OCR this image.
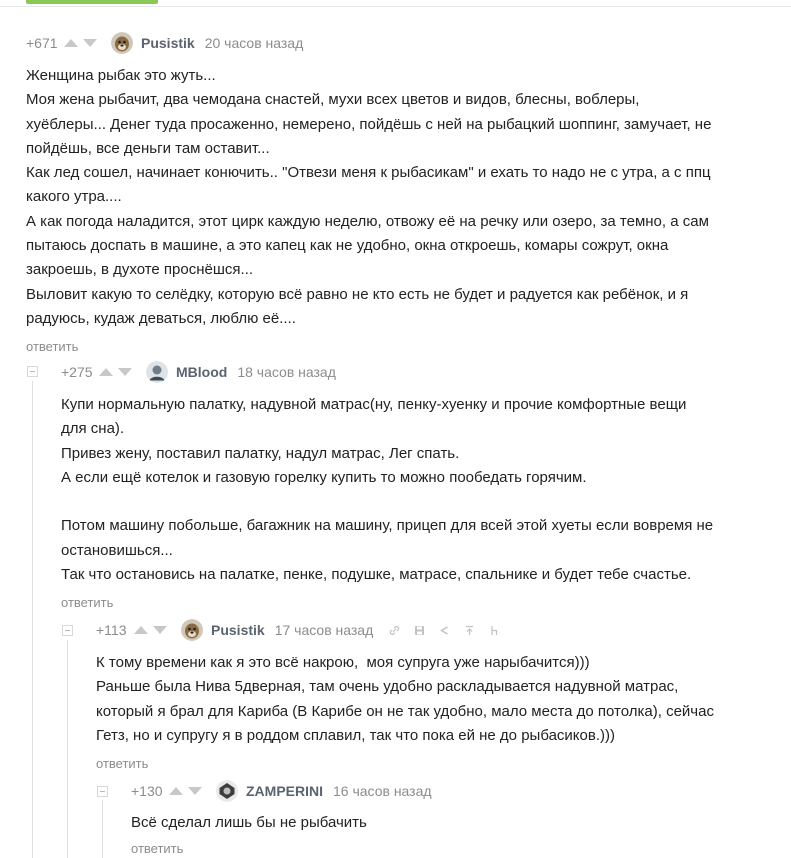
+671	Pusistik 20 часов назад

Женщина рыбак это жуть...

Моя жена рыбачит, два чемодана снастей, мухи всех цветов и видов, блесны, воблеры,

хуёблеры... Денег туда просаженно, немерено, пойдёшь с ней на рыбацкий шоппинг, замучает, не

пойдёшь, все деньги там оставит...

Как лед сошел, начинает конючить.. "Отвези меня к рыбасикам" и ехать то надо не с утра, а с ппц

какого утра....

А как погода наладится, этот цирк каждую неделю, отвожу её на речку или озеро, за темно, а сам

пытаюсь доспать в машине, а это капец как не удобно, окна откроешь, комары сожрут, окна

закроешь, в духоте проснёшся...

Выловит какую то селёдку, которую всё равно не кто есть не будет и радуется как ребёнок, и я

радуюсь, кудаж деваться, люблю её....

ответить
+275	MBlood 18 часов назад

Купи нормальную палатку, надувной матрас(ну, пенку-хуенку и прочие комфортные вещи

для сна).

Привез жену, поставил палатку, надул матрас, Лег спать.

А если ещё котелок и газовую горелку купить то можно пообедать горячим.

Потом машину побольше, багажник на машину, прицеп для всей этой хуеты если вовремя не

остановишься...

Так что остановись на палатке, пенке, подушке, матрасе, спальнике и будет тебе счастье.

ответить
+113	Pusistik 17 часов назад

К тому времени как я это всё накрою,  моя супруга уже нарыбачится)))

Раньше была Нива 5дверная, там очень удобно раскладывается надувной матрас,

который я брал для Кариба (В Карибе он не так удобно, мало места до потолка), сейчас

Гетз, но и супругу я в роддом сплавил, так что пока ей не до рыбасиков.)))

ответить
+130	ZAMPERINI 16 часов назад

Всё сделал лишь бы не рыбачить

ответить
